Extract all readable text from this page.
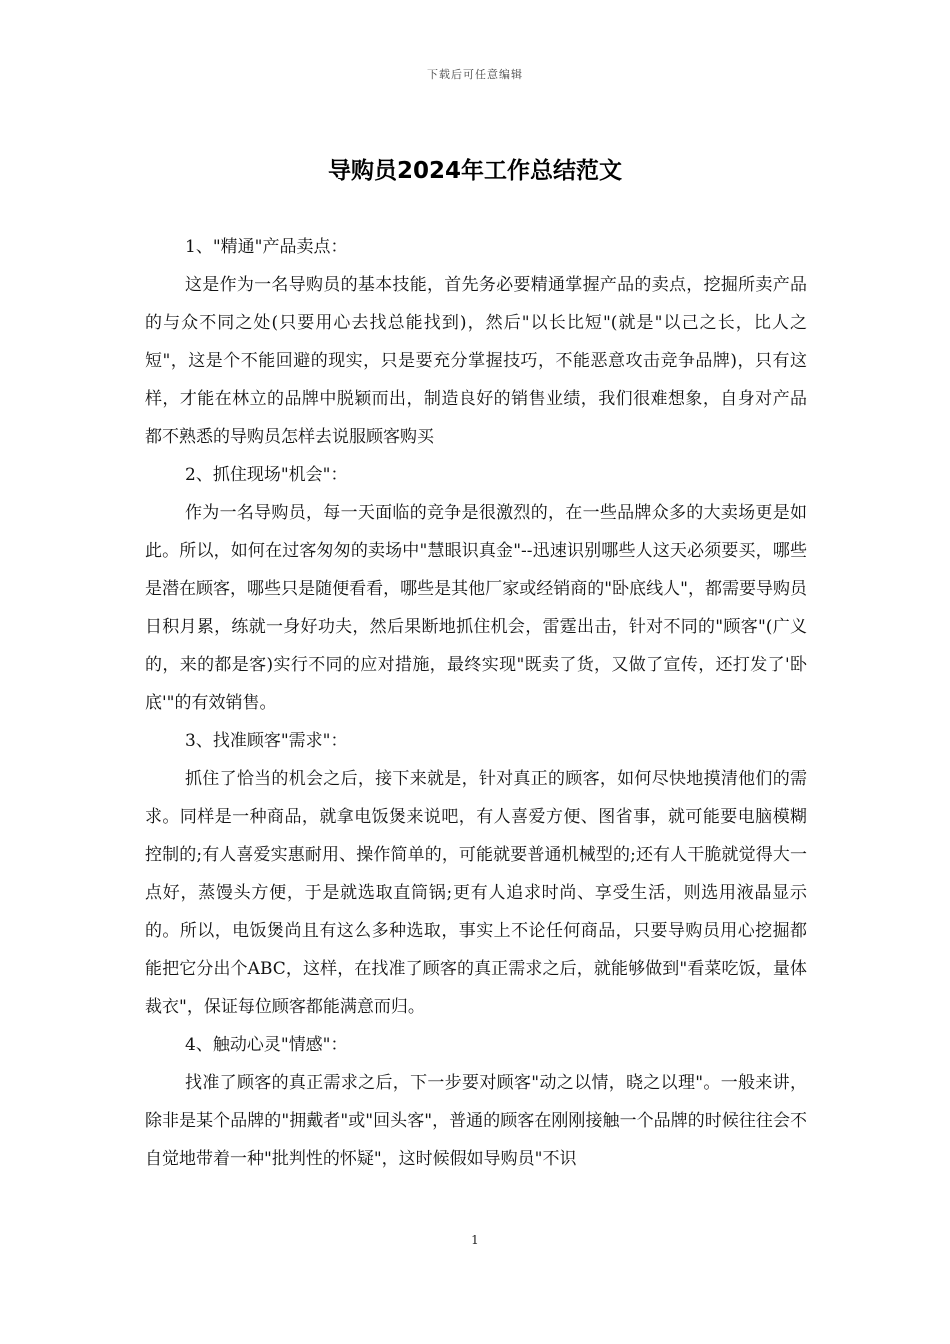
下载后可任意编辑
导购员2024年工作总结范文

1、"精通"产品卖点：

这是作为一名导购员的基本技能，首先务必要精通掌握产品的卖点，挖掘所卖产品的与众不同之处(只要用心去找总能找到)，然后"以长比短"(就是"以己之长，比人之短"，这是个不能回避的现实，只是要充分掌握技巧，不能恶意攻击竞争品牌)，只有这样，才能在林立的品牌中脱颖而出，制造良好的销售业绩，我们很难想象，自身对产品都不熟悉的导购员怎样去说服顾客购买

2、抓住现场"机会"：

作为一名导购员，每一天面临的竞争是很激烈的，在一些品牌众多的大卖场更是如此。所以，如何在过客匆匆的卖场中"慧眼识真金"--迅速识别哪些人这天必须要买，哪些是潜在顾客，哪些只是随便看看，哪些是其他厂家或经销商的"卧底线人"，都需要导购员日积月累，练就一身好功夫，然后果断地抓住机会，雷霆出击，针对不同的"顾客"(广义的，来的都是客)实行不同的应对措施，最终实现"既卖了货，又做了宣传，还打发了'卧底'"的有效销售。

3、找准顾客"需求"：

抓住了恰当的机会之后，接下来就是，针对真正的顾客，如何尽快地摸清他们的需求。同样是一种商品，就拿电饭煲来说吧，有人喜爱方便、图省事，就可能要电脑模糊控制的;有人喜爱实惠耐用、操作简单的，可能就要普通机械型的;还有人干脆就觉得大一点好，蒸馒头方便，于是就选取直筒锅;更有人追求时尚、享受生活，则选用液晶显示的。所以，电饭煲尚且有这么多种选取，事实上不论任何商品，只要导购员用心挖掘都能把它分出个ABC，这样，在找准了顾客的真正需求之后，就能够做到"看菜吃饭，量体裁衣"，保证每位顾客都能满意而归。

4、触动心灵"情感"：

找准了顾客的真正需求之后，下一步要对顾客"动之以情，晓之以理"。一般来讲，除非是某个品牌的"拥戴者"或"回头客"，普通的顾客在刚刚接触一个品牌的时候往往会不自觉地带着一种"批判性的怀疑"，这时候假如导购员"不识

1
